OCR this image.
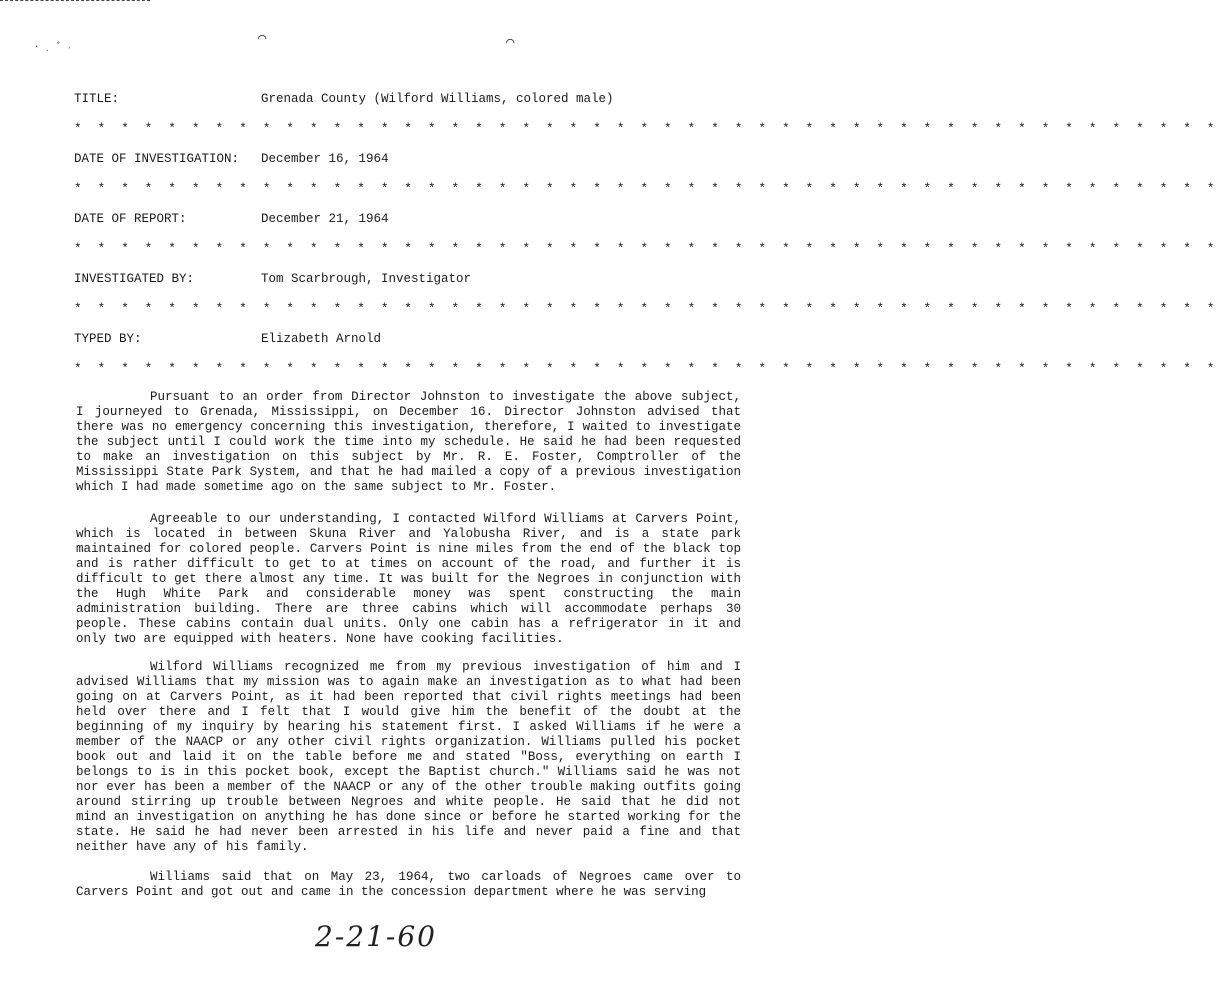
⌒	⌒
· ˏ ˚ ˒
TITLE:	Grenada County (Wilford Williams, colored male)
* * * * * * * * * * * * * * * * * * * * * * * * * * * * * * * * * * * * * * * * * * * * * * * * *
DATE OF INVESTIGATION: December 16, 1964
* * * * * * * * * * * * * * * * * * * * * * * * * * * * * * * * * * * * * * * * * * * * * * * * *
DATE OF REPORT:	December 21, 1964
* * * * * * * * * * * * * * * * * * * * * * * * * * * * * * * * * * * * * * * * * * * * * * * * *
INVESTIGATED BY:	Tom Scarbrough, Investigator
* * * * * * * * * * * * * * * * * * * * * * * * * * * * * * * * * * * * * * * * * * * * * * * * *
TYPED BY:	Elizabeth Arnold
* * * * * * * * * * * * * * * * * * * * * * * * * * * * * * * * * * * * * * * * * * * * * * * * *

Pursuant to an order from Director Johnston to investigate the above subject, I journeyed to Grenada, Mississippi, on December 16. Director Johnston advised that there was no emergency concerning this investigation, therefore, I waited to investigate the subject until I could work the time into my schedule. He said he had been requested to make an investigation on this subject by Mr. R. E. Foster, Comptroller of the Mississippi State Park System, and that he had mailed a copy of a previous investigation which I had made sometime ago on the same subject to Mr. Foster.

Agreeable to our understanding, I contacted Wilford Williams at Carvers Point, which is located in between Skuna River and Yalobusha River, and is a state park maintained for colored people. Carvers Point is nine miles from the end of the black top and is rather difficult to get to at times on account of the road, and further it is difficult to get there almost any time. It was built for the Negroes in conjunction with the Hugh White Park and considerable money was spent constructing the main administration building. There are three cabins which will accommodate perhaps 30 people. These cabins contain dual units. Only one cabin has a refrigerator in it and only two are equipped with heaters. None have cooking facilities.

Wilford Williams recognized me from my previous investigation of him and I advised Williams that my mission was to again make an investigation as to what had been going on at Carvers Point, as it had been reported that civil rights meetings had been held over there and I felt that I would give him the benefit of the doubt at the beginning of my inquiry by hearing his statement first. I asked Williams if he were a member of the NAACP or any other civil rights organization. Williams pulled his pocket book out and laid it on the table before me and stated "Boss, everything on earth I belongs to is in this pocket book, except the Baptist church." Williams said he was not nor ever has been a member of the NAACP or any of the other trouble making outfits going around stirring up trouble between Negroes and white people. He said that he did not mind an investigation on anything he has done since or before he started working for the state. He said he had never been arrested in his life and never paid a fine and that neither have any of his family.

Williams said that on May 23, 1964, two carloads of Negroes came over to Carvers Point and got out and came in the concession department where he was serving

2-21-60
